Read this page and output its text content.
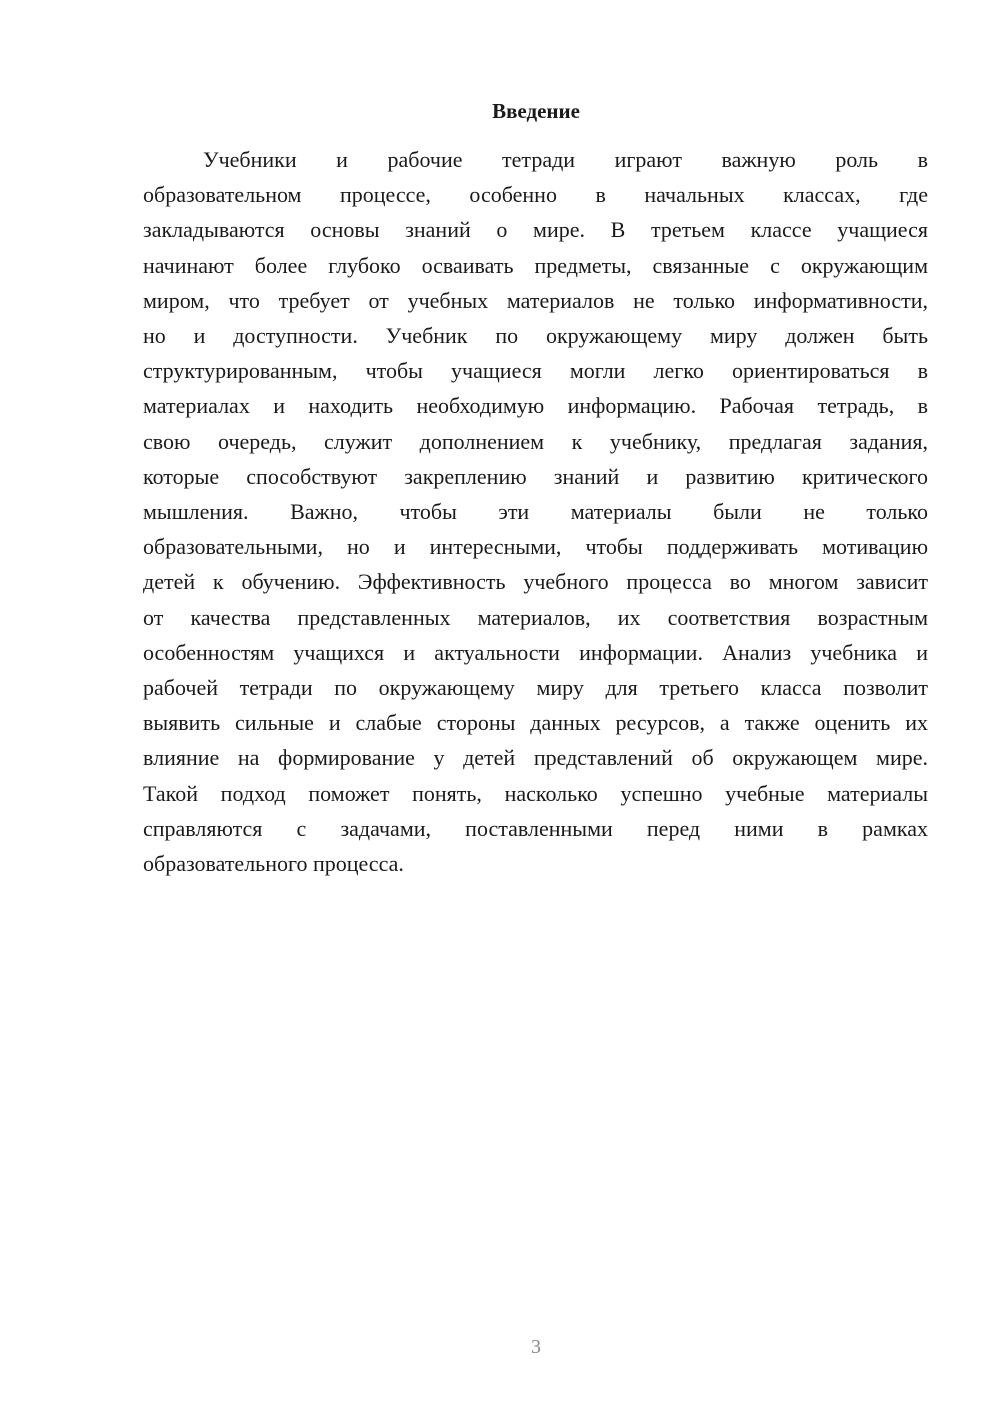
Введение
Учебники и рабочие тетради играют важную роль в
образовательном процессе, особенно в начальных классах, где
закладываются основы знаний о мире. В третьем классе учащиеся
начинают более глубоко осваивать предметы, связанные с окружающим
миром, что требует от учебных материалов не только информативности,
но и доступности. Учебник по окружающему миру должен быть
структурированным, чтобы учащиеся могли легко ориентироваться в
материалах и находить необходимую информацию. Рабочая тетрадь, в
свою очередь, служит дополнением к учебнику, предлагая задания,
которые способствуют закреплению знаний и развитию критического
мышления. Важно, чтобы эти материалы были не только
образовательными, но и интересными, чтобы поддерживать мотивацию
детей к обучению. Эффективность учебного процесса во многом зависит
от качества представленных материалов, их соответствия возрастным
особенностям учащихся и актуальности информации. Анализ учебника и
рабочей тетради по окружающему миру для третьего класса позволит
выявить сильные и слабые стороны данных ресурсов, а также оценить их
влияние на формирование у детей представлений об окружающем мире.
Такой подход поможет понять, насколько успешно учебные материалы
справляются с задачами, поставленными перед ними в рамках
образовательного процесса.

3
